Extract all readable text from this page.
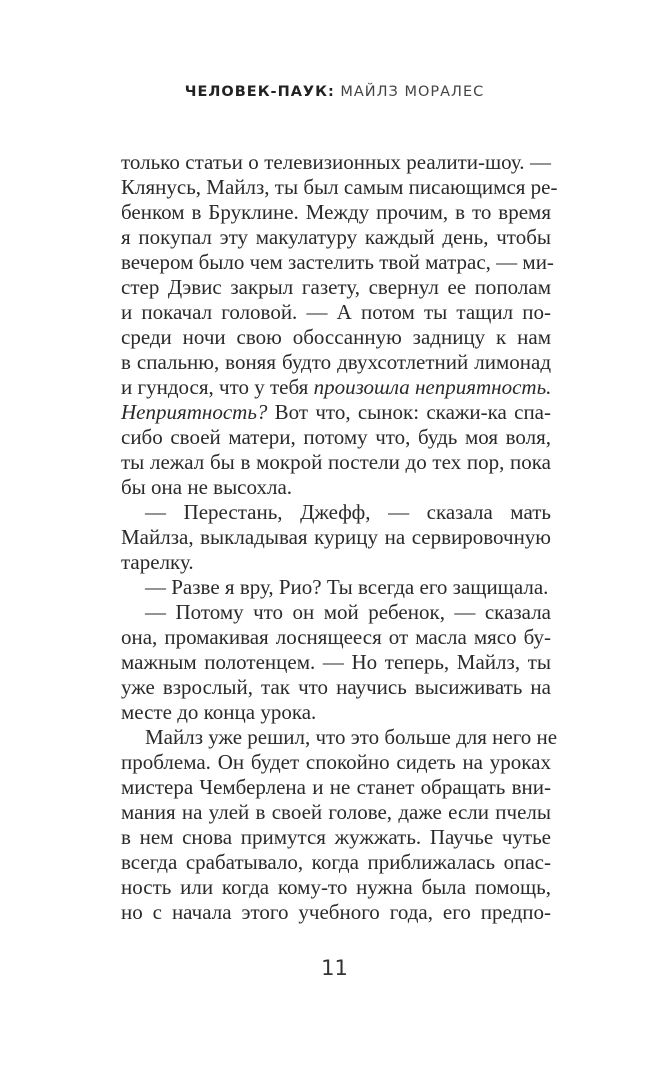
ЧЕЛОВЕК-ПАУК: МАЙЛЗ МОРАЛЕС
только статьи о телевизионных реалити-шоу. —
Клянусь, Майлз, ты был самым писающимся ре-
бенком в Бруклине. Между прочим, в то время
я покупал эту макулатуру каждый день, чтобы
вечером было чем застелить твой матрас, — ми-
стер Дэвис закрыл газету, свернул ее пополам
и покачал головой. — А потом ты тащил по-
среди ночи свою обоссанную задницу к нам
в спальню, воняя будто двухсотлетний лимонад
и гундося, что у тебя произошла неприятность.
Неприятность? Вот что, сынок: скажи-ка спа-
сибо своей матери, потому что, будь моя воля,
ты лежал бы в мокрой постели до тех пор, пока
бы она не высохла.
— Перестань, Джефф, — сказала мать
Майлза, выкладывая курицу на сервировочную
тарелку.
— Разве я вру, Рио? Ты всегда его защищала.
— Потому что он мой ребенок, — сказала
она, промакивая лоснящееся от масла мясо бу-
мажным полотенцем. — Но теперь, Майлз, ты
уже взрослый, так что научись высиживать на
месте до конца урока.
Майлз уже решил, что это больше для него не
проблема. Он будет спокойно сидеть на уроках
мистера Чемберлена и не станет обращать вни-
мания на улей в своей голове, даже если пчелы
в нем снова примутся жужжать. Паучье чутье
всегда срабатывало, когда приближалась опас-
ность или когда кому-то нужна была помощь,
но с начала этого учебного года, его предпо-
11
